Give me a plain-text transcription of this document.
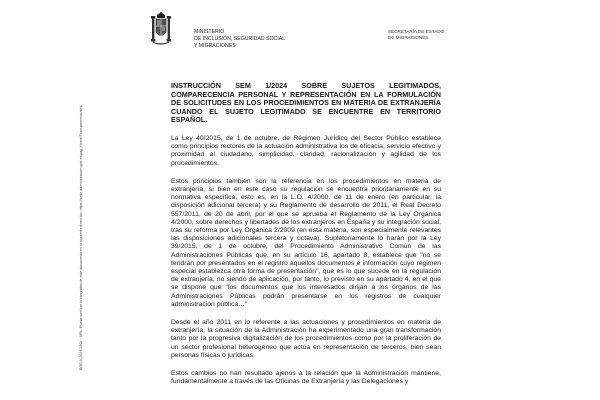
BOE-A-2024-2504 · URL: Puede verificar la integridad de este documento en la siguiente dirección: https://sede.administracion.gob.es/pag_Home/Transparencia.html
MINISTERIO
DE INCLUSIÓN, SEGURIDAD SOCIAL
Y MIGRACIONES
SECRETARÍA DE ESTADO
DE MIGRACIONES
INSTRUCCIÓN SEM 1/2024 SOBRE SUJETOS LEGITIMADOS, COMPARECENCIA PERSONAL Y REPRESENTACIÓN EN LA FORMULACIÓN DE SOLICITUDES EN LOS PROCEDIMIENTOS EN MATERIA DE EXTRANJERÍA CUANDO EL SUJETO LEGITIMADO SE ENCUENTRE EN TERRITORIO ESPAÑOL.

La Ley 40/2015, de 1 de octubre, de Régimen Jurídico del Sector Público establece como principios rectores de la actuación administrativa los de eficacia, servicio efectivo y proximidad al ciudadano, simplicidad, claridad, racionalización y agilidad de los procedimientos.

Estos principios también son la referencia en los procedimientos en materia de extranjería, si bien en este caso su regulación se encuentra prioritariamente en su normativa específica, esto es, en la L.O. 4/2000, de 11 de enero (en particular, la disposición adicional tercera) y su Reglamento de desarrollo de 2011, el Real Decreto 557/2011, de 20 de abril, por el que se aprueba el Reglamento de la Ley Orgánica 4/2000, sobre derechos y libertades de los extranjeros en España y su integración social, tras su reforma por Ley Orgánica 2/2009 (en esta materia, son especialmente relevantes las disposiciones adicionales tercera y octava). Supletoriamente lo harán por la Ley 39/2015, de 1 de octubre, del Procedimiento Administrativo Común de las Administraciones Públicas que, en su artículo 16, apartado 8, establece que "no se tendrán por presentados en el registro aquellos documentos e información cuyo régimen especial establezca otra forma de presentación", que es lo que sucede en la regulación de extranjería, no siendo de aplicación, por tanto, lo previsto en su apartado 4, en el que se dispone que "los documentos que los interesados dirijan a los órganos de las Administraciones Públicas podrán presentarse en los registros de cualquier administración pública…"

Desde el año 2011 en lo referente a las actuaciones y procedimientos en materia de extranjería, la situación de la Administración ha experimentado una gran transformación tanto por la progresiva digitalización de los procedimientos como por la proliferación de un sector profesional heterogéneo que actúa en representación de terceros, bien sean personas físicas o jurídicas.

Estos cambios no han resultado ajenos a la relación que la Administración mantiene, fundamentalmente a través de las Oficinas de Extranjería y las Delegaciones y
